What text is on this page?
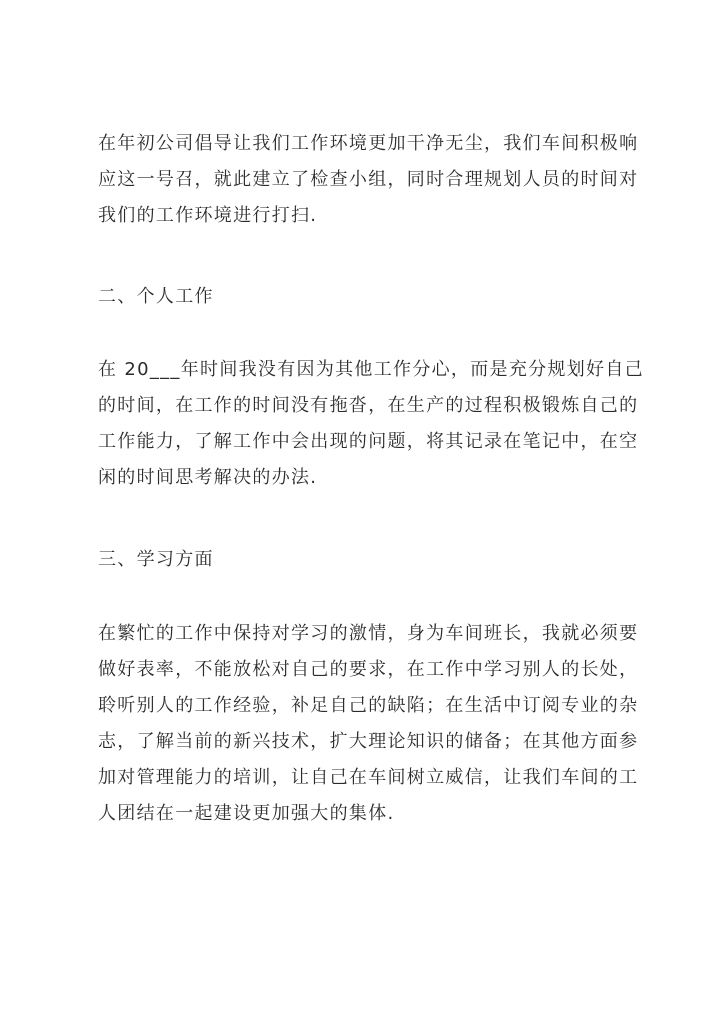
在年初公司倡导让我们工作环境更加干净无尘，我们车间积极响
应这一号召，就此建立了检查小组，同时合理规划人员的时间对
我们的工作环境进行打扫.

二、个人工作

在 20___年时间我没有因为其他工作分心，而是充分规划好自己
的时间，在工作的时间没有拖沓，在生产的过程积极锻炼自己的
工作能力，了解工作中会出现的问题，将其记录在笔记中，在空
闲的时间思考解决的办法.

三、学习方面

在繁忙的工作中保持对学习的激情，身为车间班长，我就必须要
做好表率，不能放松对自己的要求，在工作中学习别人的长处，
聆听别人的工作经验，补足自己的缺陷；在生活中订阅专业的杂
志，了解当前的新兴技术，扩大理论知识的储备；在其他方面参
加对管理能力的培训，让自己在车间树立威信，让我们车间的工
人团结在一起建设更加强大的集体.
